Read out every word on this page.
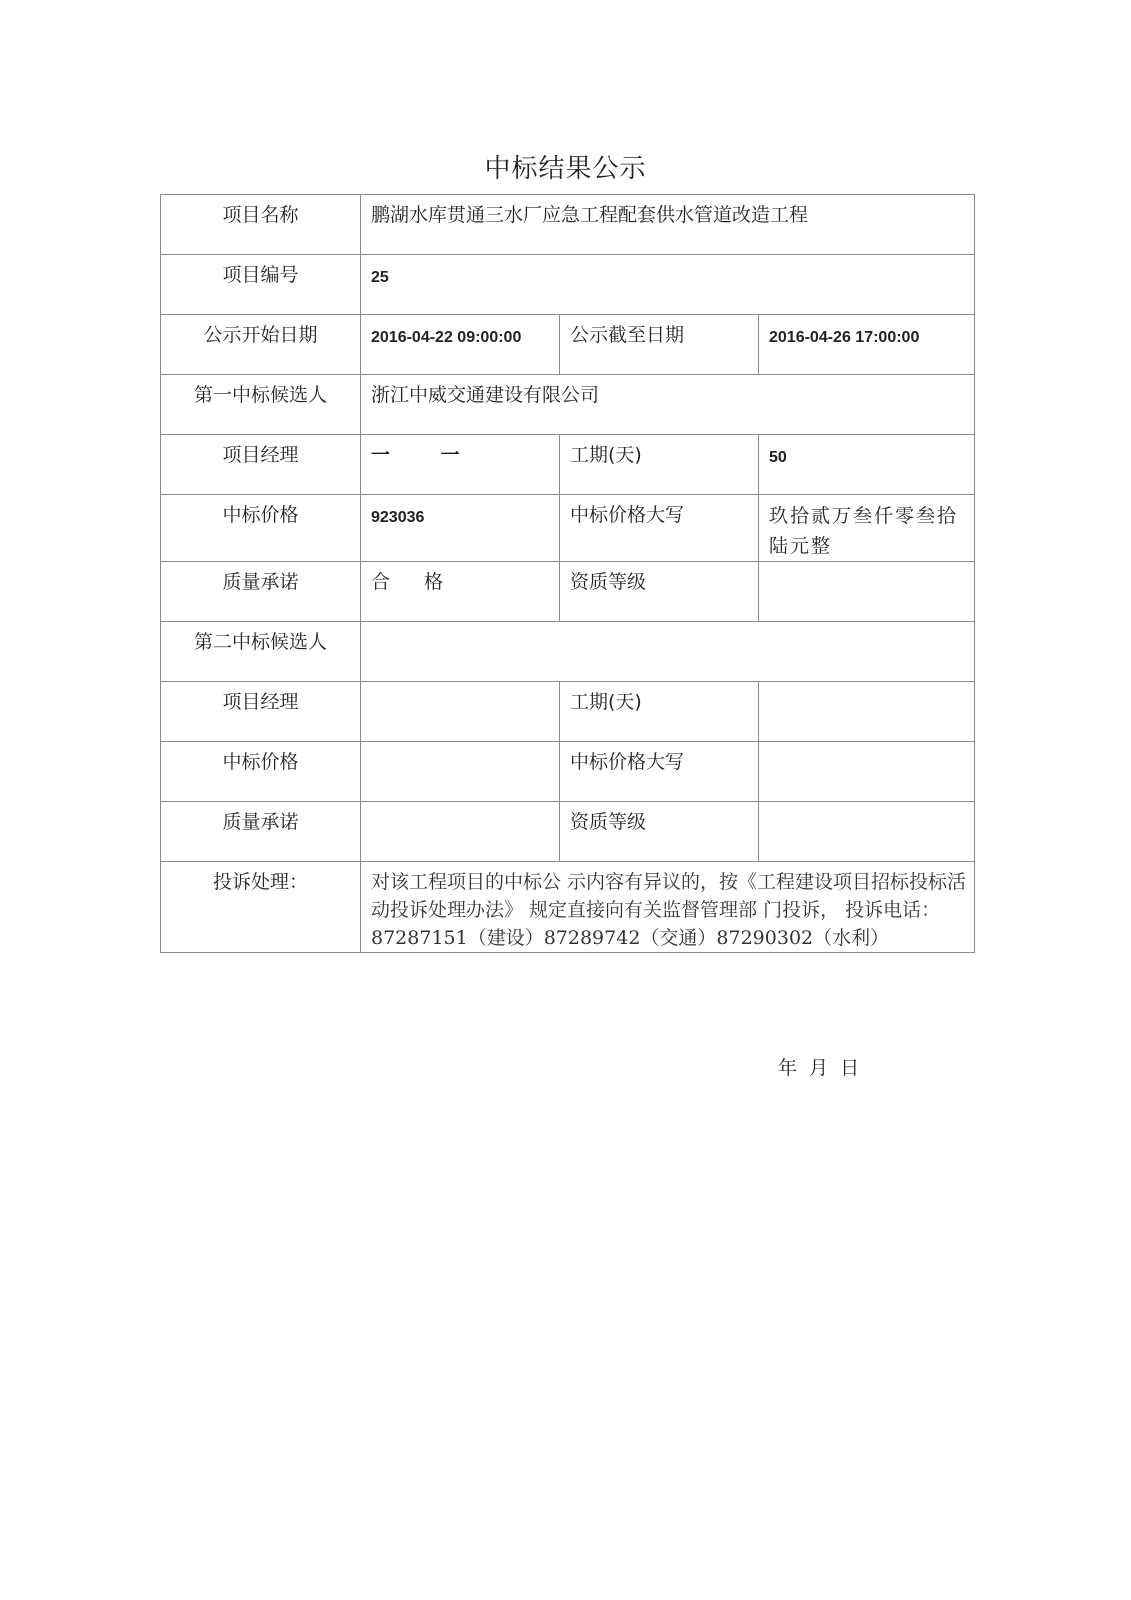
中标结果公示
项目名称	鹏湖水库贯通三水厂应急工程配套供水管道改造工程		
项目编号	25		
公示开始日期	2016-04-22 09:00:00	公示截至日期	2016-04-26 17:00:00
第一中标候选人	浙江中威交通建设有限公司		
项目经理	一 一	工期(天)	50
中标价格	923036	中标价格大写	玖拾贰万叁仟零叁拾陆元整
质量承诺	合 格	资质等级	
第二中标候选人			
项目经理		工期(天)	
中标价格		中标价格大写	
质量承诺		资质等级	
投诉处理：	对该工程项目的中标公 示内容有异议的，按《工程建设项目招标投标活动投诉处理办法》 规定直接向有关监督管理部 门投诉， 投诉电话：87287151（建设）87289742（交通）87290302（水利）		
年  月  日
